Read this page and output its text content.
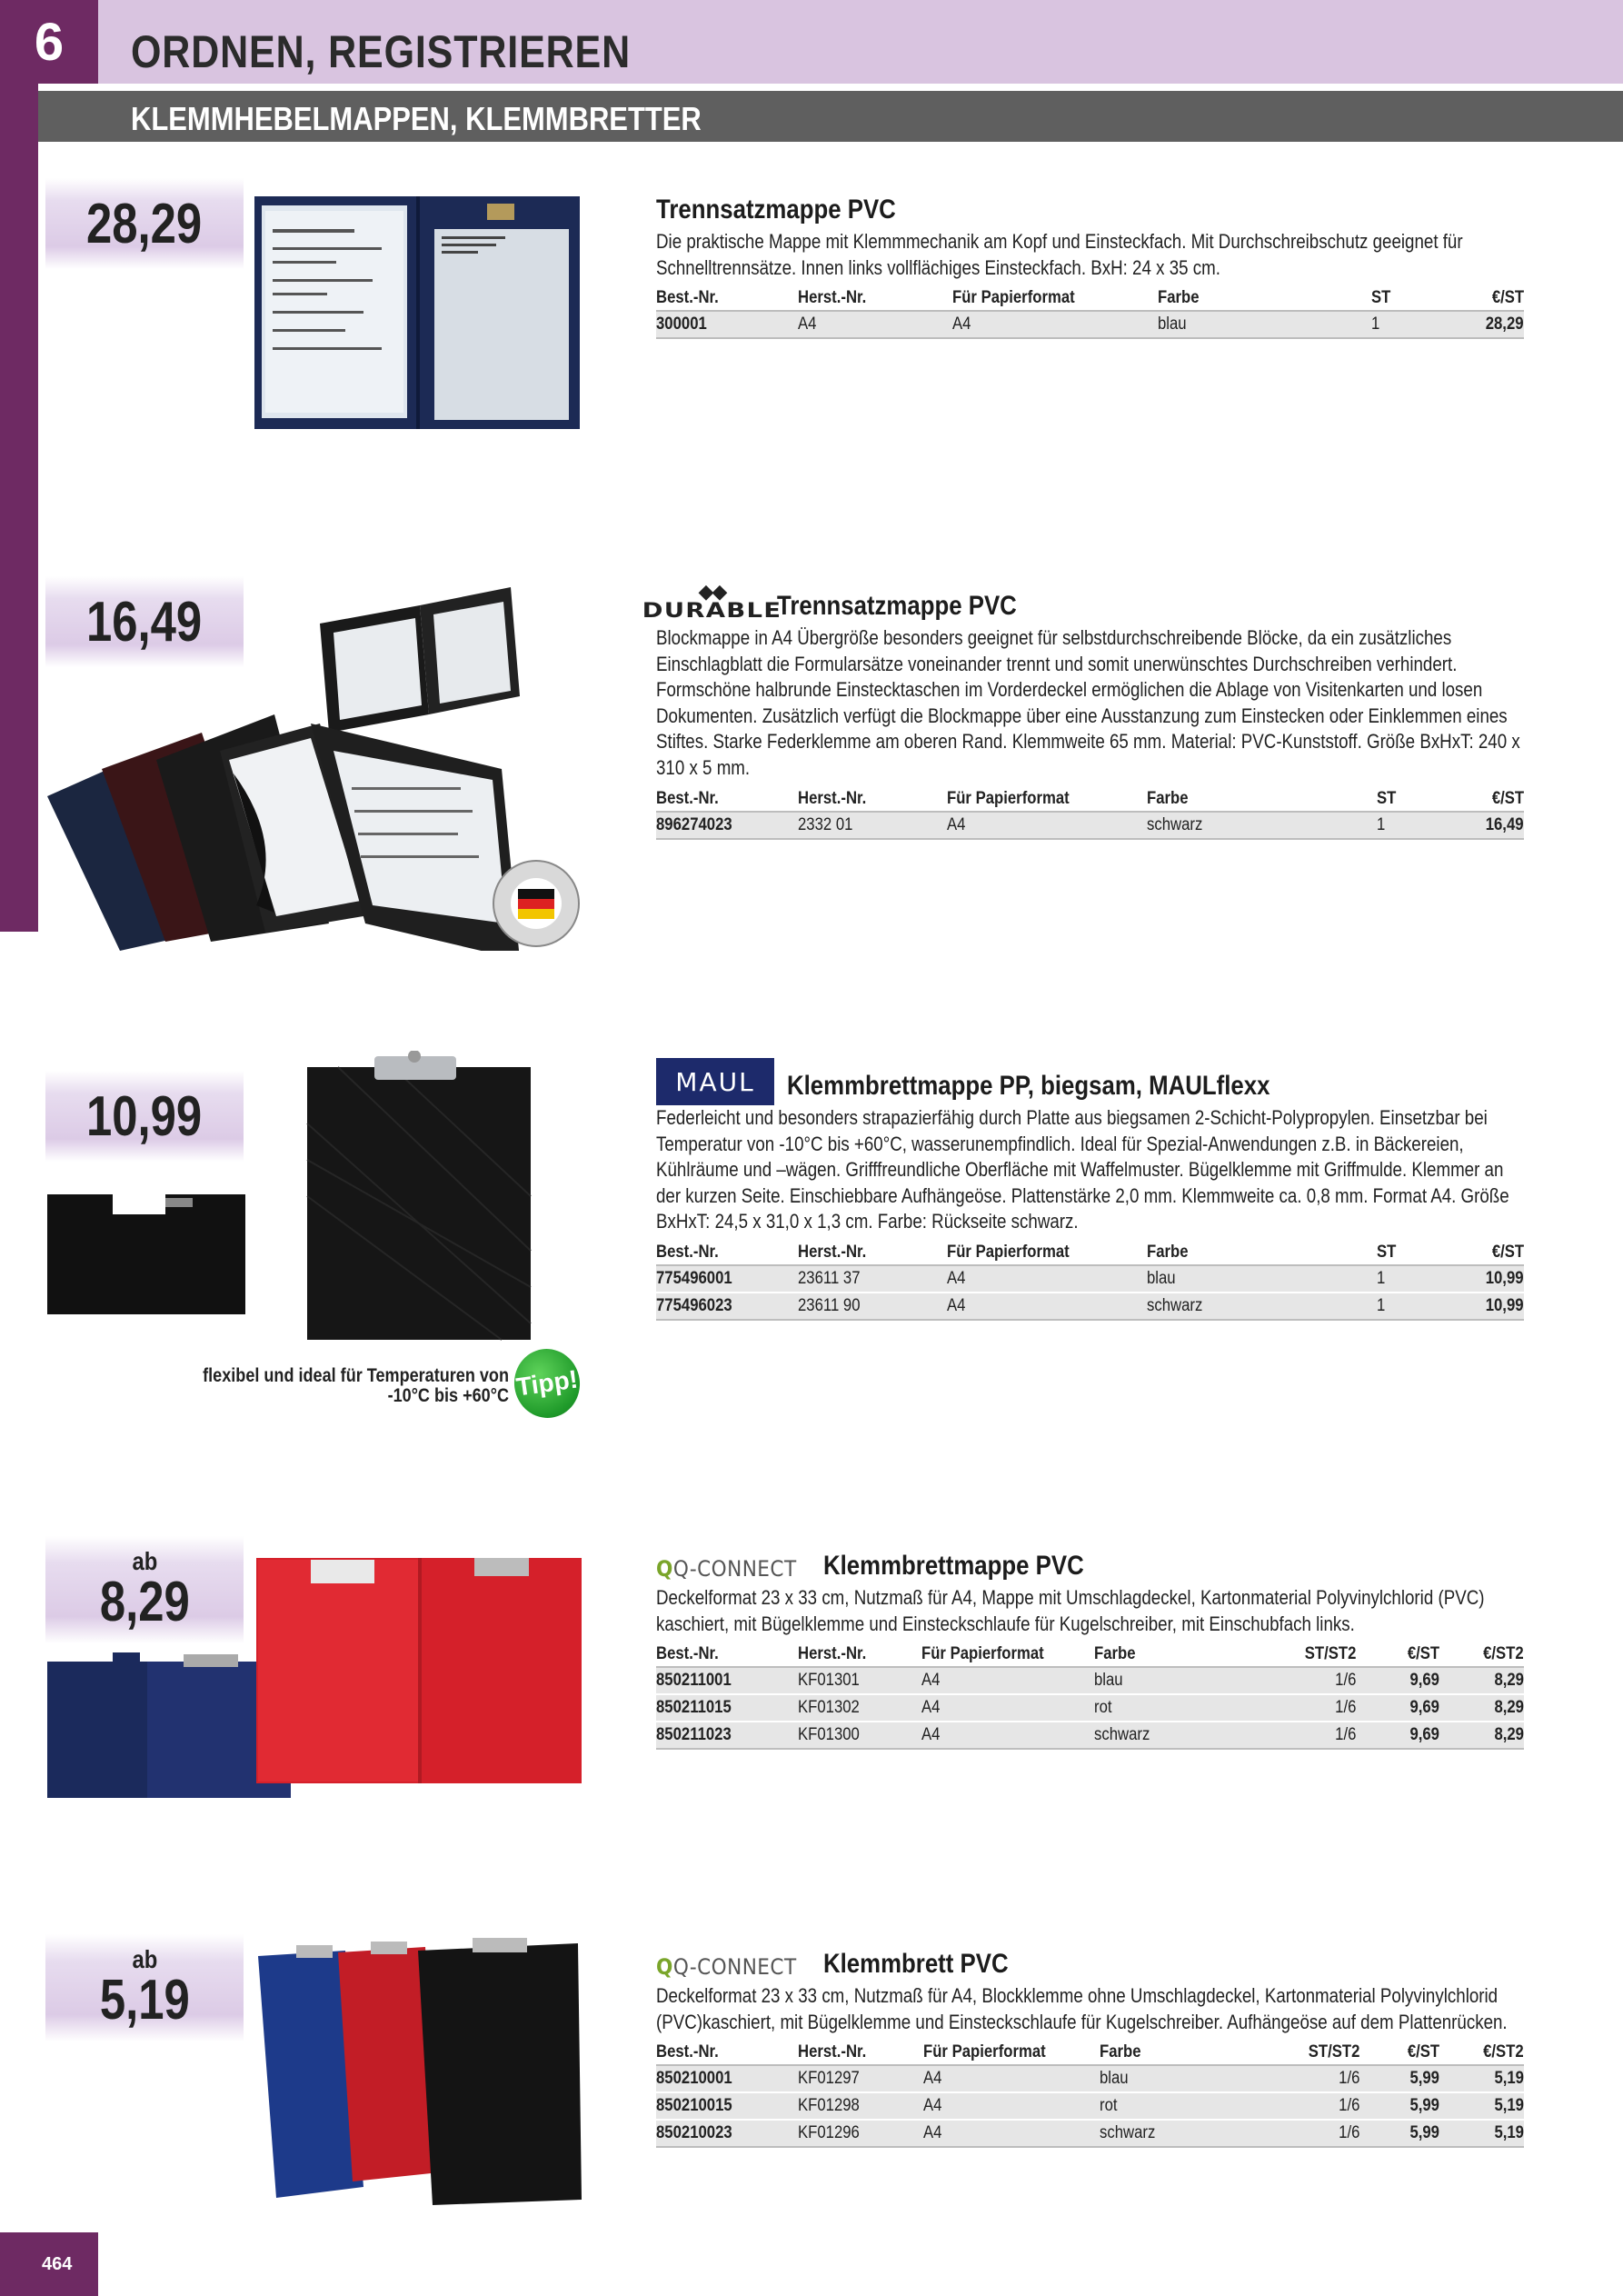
6	ORDNEN, REGISTRIEREN
KLEMMHEBELMAPPEN, KLEMMBRETTER
28,29	Trennsatzmappe PVC
Die praktische Mappe mit Klemmmechanik am Kopf und Einsteckfach. Mit Durchschreibschutz geeignet für Schnelltrennsätze. Innen links vollflächiges Einsteckfach. BxH: 24 x 35 cm.
Best.-Nr.	Herst.-Nr.	Für Papierformat	Farbe	ST	€/ST
300001	A4	A4	blau	1	28,29
16,49	◆◆
DURABLE
Trennsatzmappe PVC
Blockmappe in A4 Übergröße besonders geeignet für selbstdurchschreibende Blöcke, da ein zusätzliches Einschlagblatt die Formularsätze voneinander trennt und somit unerwünschtes Durchschreiben verhindert. Formschöne halbrunde Einstecktaschen im Vorderdeckel ermöglichen die Ablage von Visitenkarten und losen Dokumenten. Zusätzlich verfügt die Blockmappe über eine Ausstanzung zum Einstecken oder Einklemmen eines Stiftes. Starke Federklemme am oberen Rand. Klemmweite 65 mm. Material: PVC-Kunststoff. Größe BxHxT: 240 x 310 x 5 mm.
Best.-Nr.	Herst.-Nr.	Für Papierformat	Farbe	ST	€/ST
896274023	2332 01	A4	schwarz	1	16,49
10,99
MAUL	Klemmbrettmappe PP, biegsam, MAULflexx
Federleicht und besonders strapazierfähig durch Platte aus biegsamen 2-Schicht-Polypropylen. Einsetzbar bei Temperatur von -10°C bis +60°C, wasserunempfindlich. Ideal für Spezial-Anwendungen z.B. in Bäckereien, Kühlräume und –wägen. Grifffreundliche Oberfläche mit Waffelmuster. Bügelklemme mit Griffmulde. Klemmer an der kurzen Seite. Einschiebbare Aufhängeöse. Plattenstärke 2,0 mm. Klemmweite ca. 0,8 mm. Format A4. Größe BxHxT: 24,5 x 31,0 x 1,3 cm. Farbe: Rückseite schwarz.
Best.-Nr.	Herst.-Nr.	Für Papierformat	Farbe	ST	€/ST
775496001	23611 37	A4	blau	1	10,99
775496023	23611 90	A4	schwarz	1	10,99
flexibel und ideal für Temperaturen von -10°C bis +60°C Tipp!
ab
8,29
QQ-CONNECT Klemmbrettmappe PVC
Deckelformat 23 x 33 cm, Nutzmaß für A4, Mappe mit Umschlagdeckel, Kartonmaterial Polyvinylchlorid (PVC) kaschiert, mit Bügelklemme und Einsteckschlaufe für Kugelschreiber, mit Einschubfach links.
Best.-Nr.	Herst.-Nr.	Für Papierformat	Farbe	ST/ST2	€/ST	€/ST2
850211001	KF01301	A4	blau	1/6	9,69	8,29
850211015	KF01302	A4	rot	1/6	9,69	8,29
850211023	KF01300	A4	schwarz	1/6	9,69	8,29
ab
5,19
QQ-CONNECT Klemmbrett PVC
Deckelformat 23 x 33 cm, Nutzmaß für A4, Blockklemme ohne Umschlagdeckel, Kartonmaterial Polyvinylchlorid (PVC)kaschiert, mit Bügelklemme und Einsteckschlaufe für Kugelschreiber. Aufhängeöse auf dem Plattenrücken.
Best.-Nr.	Herst.-Nr.	Für Papierformat	Farbe	ST/ST2	€/ST	€/ST2
850210001	KF01297	A4	blau	1/6	5,99	5,19
850210015	KF01298	A4	rot	1/6	5,99	5,19
850210023	KF01296	A4	schwarz	1/6	5,99	5,19
464
